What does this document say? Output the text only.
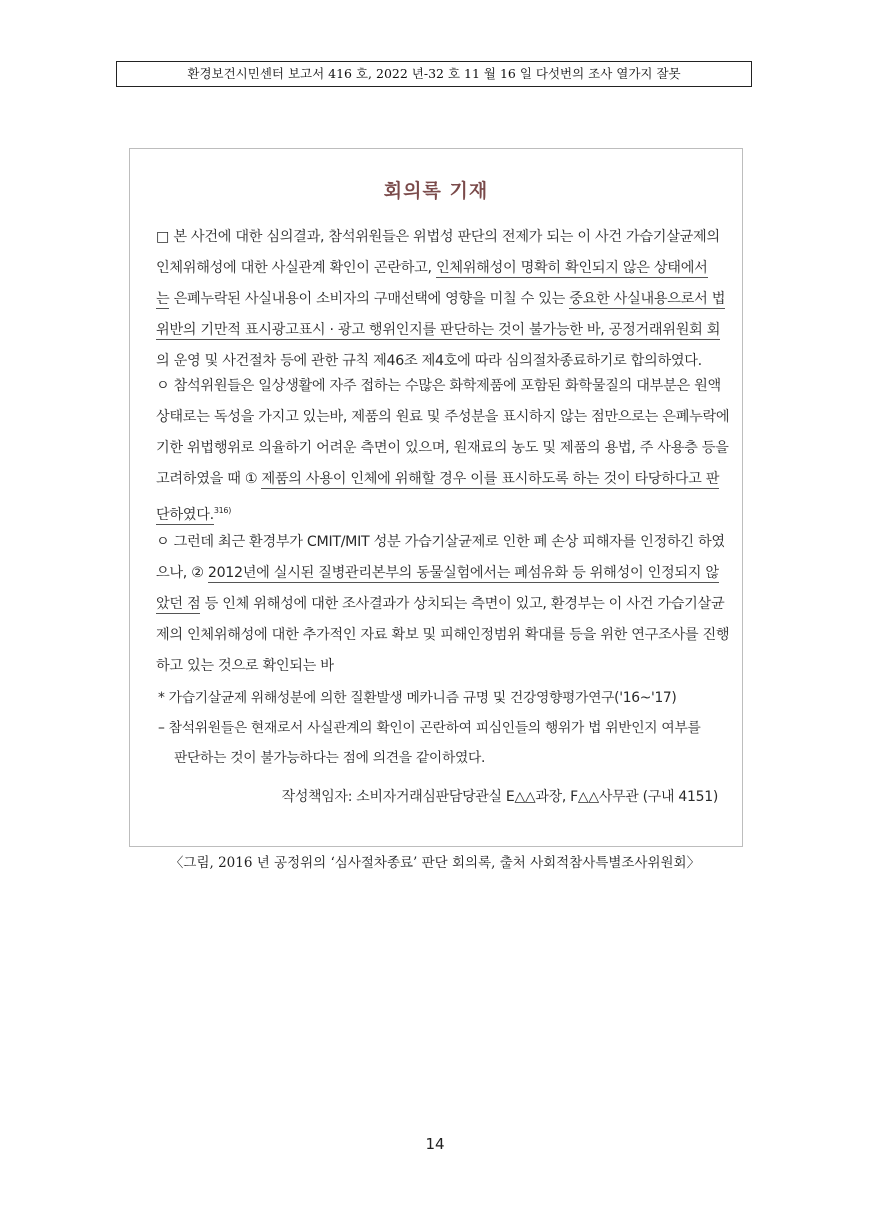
환경보건시민센터 보고서 416 호, 2022 년-32 호 11 월 16 일 다섯번의 조사 열가지 잘못
회의록 기재
□ 본 사건에 대한 심의결과, 참석위원들은 위법성 판단의 전제가 되는 이 사건 가습기살균제의
인체위해성에 대한 사실관계 확인이 곤란하고, 인체위해성이 명확히 확인되지 않은 상태에서
는 은폐누락된 사실내용이 소비자의 구매선택에 영향을 미칠 수 있는 중요한 사실내용으로서 법
위반의 기만적 표시광고표시 · 광고 행위인지를 판단하는 것이 불가능한 바, 공정거래위원회 회
의 운영 및 사건절차 등에 관한 규칙 제46조 제4호에 따라 심의절차종료하기로 합의하였다.
ㅇ 참석위원들은 일상생활에 자주 접하는 수많은 화학제품에 포함된 화학물질의 대부분은 원액
상태로는 독성을 가지고 있는바, 제품의 원료 및 주성분을 표시하지 않는 점만으로는 은폐누락에
기한 위법행위로 의율하기 어려운 측면이 있으며, 원재료의 농도 및 제품의 용법, 주 사용층 등을
고려하였을 때 ① 제품의 사용이 인체에 위해할 경우 이를 표시하도록 하는 것이 타당하다고 판
단하였다.$^{316)}$
ㅇ 그런데 최근 환경부가 CMIT/MIT 성분 가습기살균제로 인한 폐 손상 피해자를 인정하긴 하였
으나, ② 2012년에 실시된 질병관리본부의 동물실험에서는 폐섬유화 등 위해성이 인정되지 않
았던 점 등 인체 위해성에 대한 조사결과가 상치되는 측면이 있고, 환경부는 이 사건 가습기살균
제의 인체위해성에 대한 추가적인 자료 확보 및 피해인정범위 확대를 등을 위한 연구조사를 진행
하고 있는 것으로 확인되는 바
* 가습기살균제 위해성분에 의한 질환발생 메카니즘 규명 및 건강영향평가연구('16~'17)
– 참석위원들은 현재로서 사실관계의 확인이 곤란하여 피심인들의 행위가 법 위반인지 여부를
판단하는 것이 불가능하다는 점에 의견을 같이하였다.
작성책임자: 소비자거래심판담당관실 E△△과장, F△△사무관 (구내 4151)
〈그림, 2016 년 공정위의 ‘심사절차종료’ 판단 회의록, 출처 사회적참사특별조사위원회〉
14
